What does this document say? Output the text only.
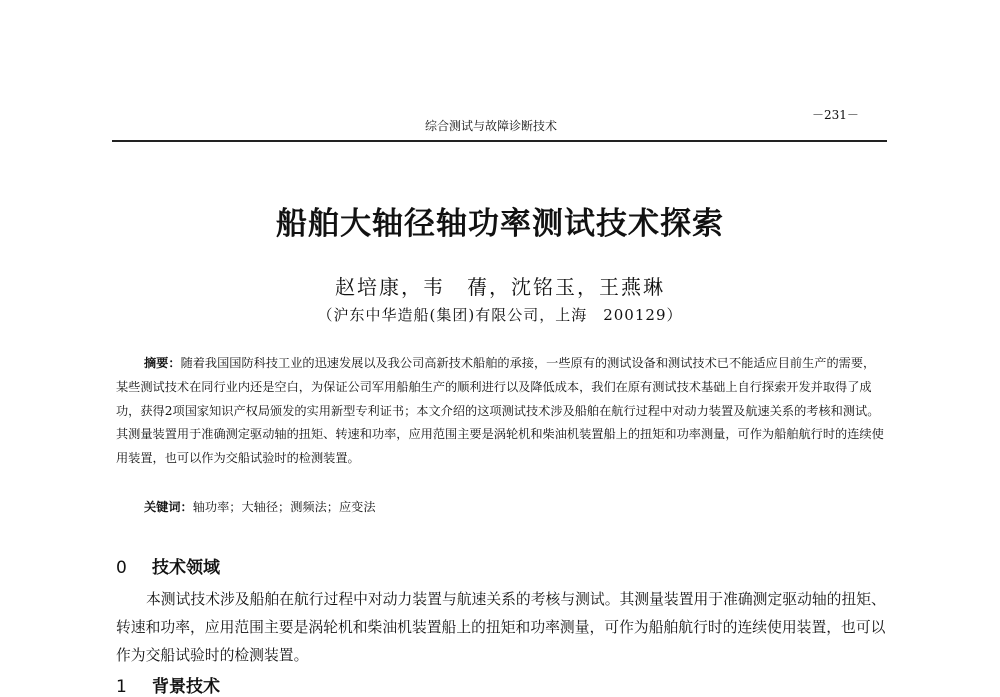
综合测试与故障诊断技术
－231－
船舶大轴径轴功率测试技术探索
赵培康，韦　蒨，沈铭玉，王燕琳
（沪东中华造船(集团)有限公司，上海　200129）

摘要：随着我国国防科技工业的迅速发展以及我公司高新技术船舶的承接，一些原有的测试设备和测试技术已不能适应目前生产的需要，某些测试技术在同行业内还是空白，为保证公司军用船舶生产的顺利进行以及降低成本，我们在原有测试技术基础上自行探索开发并取得了成功，获得2项国家知识产权局颁发的实用新型专利证书；本文介绍的这项测试技术涉及船舶在航行过程中对动力装置及航速关系的考核和测试。其测量装置用于准确测定驱动轴的扭矩、转速和功率，应用范围主要是涡轮机和柴油机装置船上的扭矩和功率测量，可作为船舶航行时的连续使用装置，也可以作为交船试验时的检测装置。

关键词：轴功率；大轴径；测频法；应变法
0 技术领域

本测试技术涉及船舶在航行过程中对动力装置与航速关系的考核与测试。其测量装置用于准确测定驱动轴的扭矩、转速和功率，应用范围主要是涡轮机和柴油机装置船上的扭矩和功率测量，可作为船舶航行时的连续使用装置，也可以作为交船试验时的检测装置。

1 背景技术
